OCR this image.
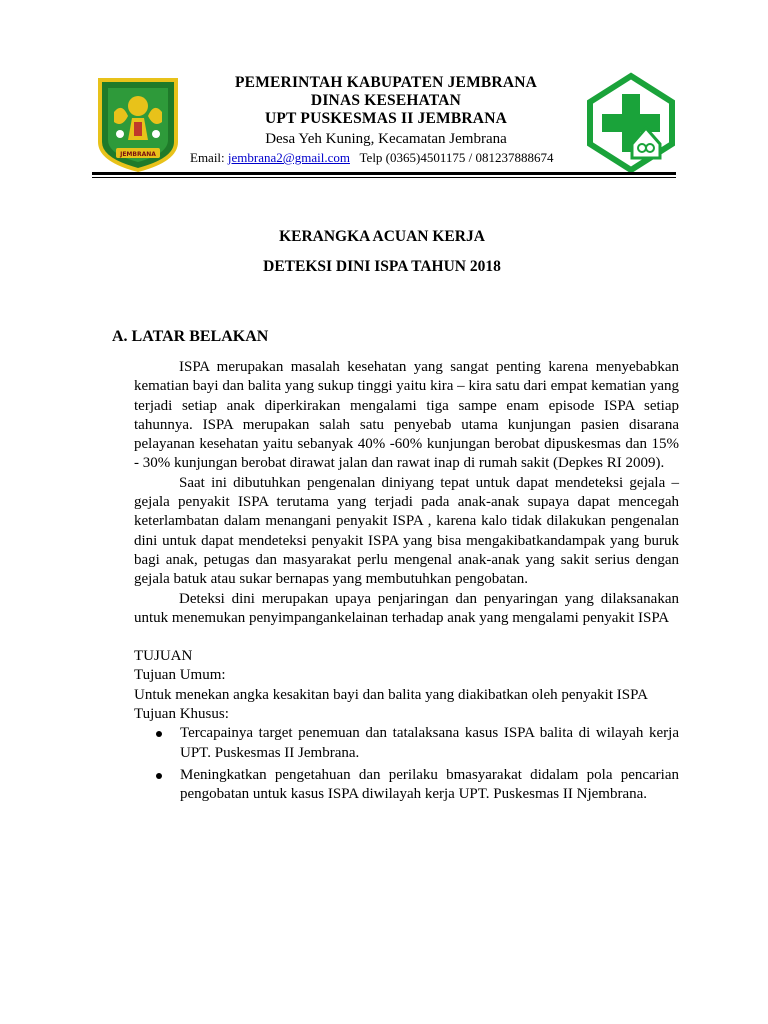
JEMBRANA
PEMERINTAH KABUPATEN JEMBRANA
DINAS KESEHATAN
UPT PUSKESMAS II JEMBRANA
Desa Yeh Kuning, Kecamatan Jembrana
Email: jembrana2@gmail.com Telp (0365)4501175 / 081237888674
KERANGKA ACUAN KERJA
DETEKSI DINI ISPA TAHUN 2018
A. LATAR BELAKAN

ISPA merupakan masalah kesehatan yang sangat penting karena menyebabkan kematian bayi dan balita yang sukup tinggi yaitu kira – kira satu dari empat kematian yang terjadi setiap anak diperkirakan mengalami tiga sampe enam episode ISPA setiap tahunnya. ISPA merupakan salah satu penyebab utama kunjungan pasien disarana pelayanan kesehatan yaitu sebanyak 40% -60% kunjungan berobat dipuskesmas dan 15% - 30% kunjungan berobat dirawat jalan dan rawat inap di rumah sakit (Depkes RI 2009).

Saat ini dibutuhkan pengenalan diniyang tepat untuk dapat mendeteksi gejala – gejala penyakit ISPA terutama yang terjadi pada anak-anak supaya dapat mencegah keterlambatan dalam menangani penyakit ISPA , karena kalo tidak dilakukan pengenalan dini untuk dapat mendeteksi penyakit ISPA yang bisa mengakibatkandampak yang buruk bagi anak, petugas dan masyarakat perlu mengenal anak-anak yang sakit serius dengan gejala batuk atau sukar bernapas yang membutuhkan pengobatan.

Deteksi dini merupakan upaya penjaringan dan penyaringan yang dilaksanakan untuk menemukan penyimpangankelainan terhadap anak yang mengalami penyakit ISPA

TUJUAN

Tujuan Umum:

Untuk menekan angka kesakitan bayi dan balita yang diakibatkan oleh penyakit ISPA

Tujuan Khusus:

Tercapainya target penemuan dan tatalaksana kasus ISPA balita di wilayah kerja UPT. Puskesmas II Jembrana.
Meningkatkan pengetahuan dan perilaku bmasyarakat didalam pola pencarian pengobatan untuk kasus ISPA diwilayah kerja UPT. Puskesmas II Njembrana.
